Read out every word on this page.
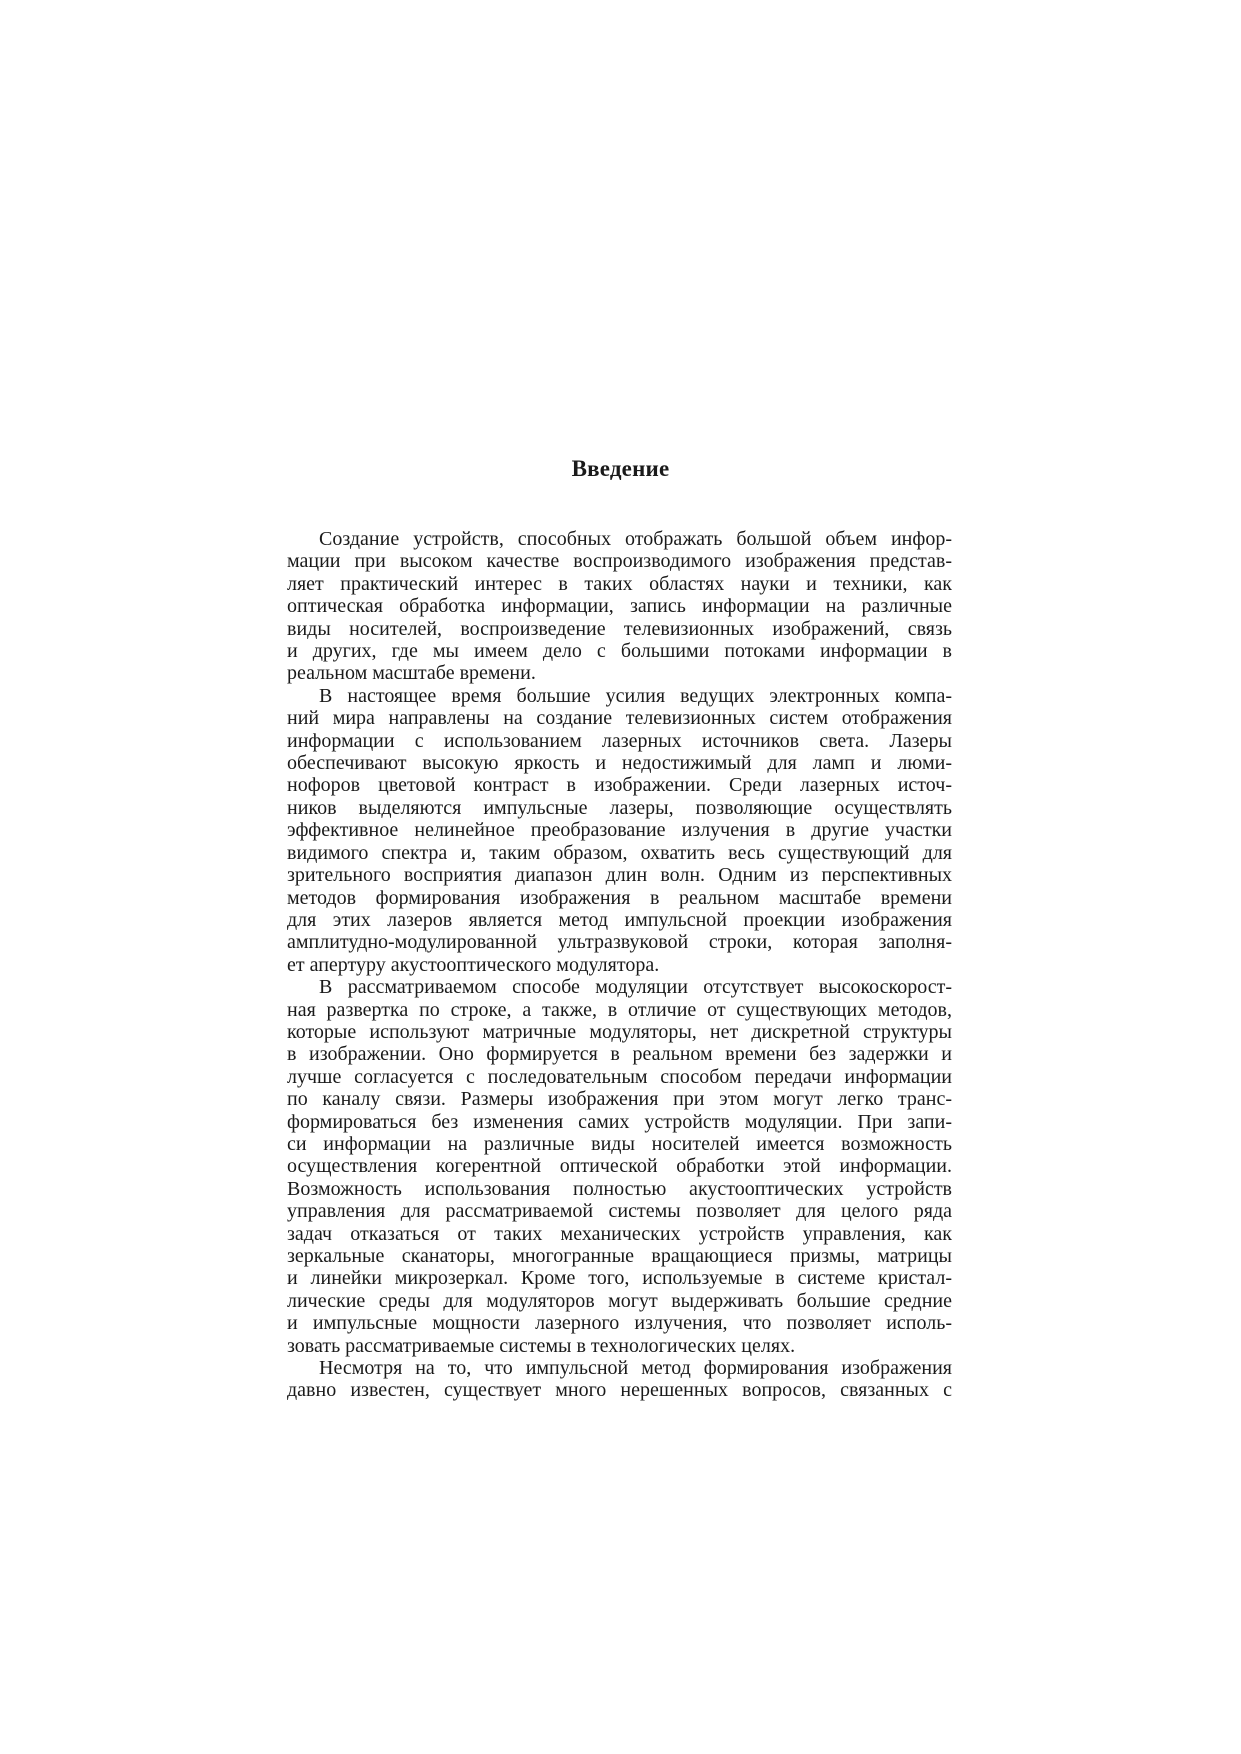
Введение

Создание устройств, способных отображать большой объем инфор-
мации при высоком качестве воспроизводимого изображения представ-
ляет практический интерес в таких областях науки и техники, как
оптическая обработка информации, запись информации на различные
виды носителей, воспроизведение телевизионных изображений, связь
и других, где мы имеем дело с большими потоками информации в
реальном масштабе времени.

В настоящее время большие усилия ведущих электронных компа-
ний мира направлены на создание телевизионных систем отображения
информации с использованием лазерных источников света. Лазеры
обеспечивают высокую яркость и недостижимый для ламп и люми-
нофоров цветовой контраст в изображении. Среди лазерных источ-
ников выделяются импульсные лазеры, позволяющие осуществлять
эффективное нелинейное преобразование излучения в другие участки
видимого спектра и, таким образом, охватить весь существующий для
зрительного восприятия диапазон длин волн. Одним из перспективных
методов формирования изображения в реальном масштабе времени
для этих лазеров является метод импульсной проекции изображения
амплитудно-модулированной ультразвуковой строки, которая заполня-
ет апертуру акустооптического модулятора.

В рассматриваемом способе модуляции отсутствует высокоскорост-
ная развертка по строке, а также, в отличие от существующих методов,
которые используют матричные модуляторы, нет дискретной структуры
в изображении. Оно формируется в реальном времени без задержки и
лучше согласуется с последовательным способом передачи информации
по каналу связи. Размеры изображения при этом могут легко транс-
формироваться без изменения самих устройств модуляции. При запи-
си информации на различные виды носителей имеется возможность
осуществления когерентной оптической обработки этой информации.
Возможность использования полностью акустооптических устройств
управления для рассматриваемой системы позволяет для целого ряда
задач отказаться от таких механических устройств управления, как
зеркальные сканаторы, многогранные вращающиеся призмы, матрицы
и линейки микрозеркал. Кроме того, используемые в системе кристал-
лические среды для модуляторов могут выдерживать большие средние
и импульсные мощности лазерного излучения, что позволяет исполь-
зовать рассматриваемые системы в технологических целях.

Несмотря на то, что импульсной метод формирования изображения
давно известен, существует много нерешенных вопросов, связанных с
